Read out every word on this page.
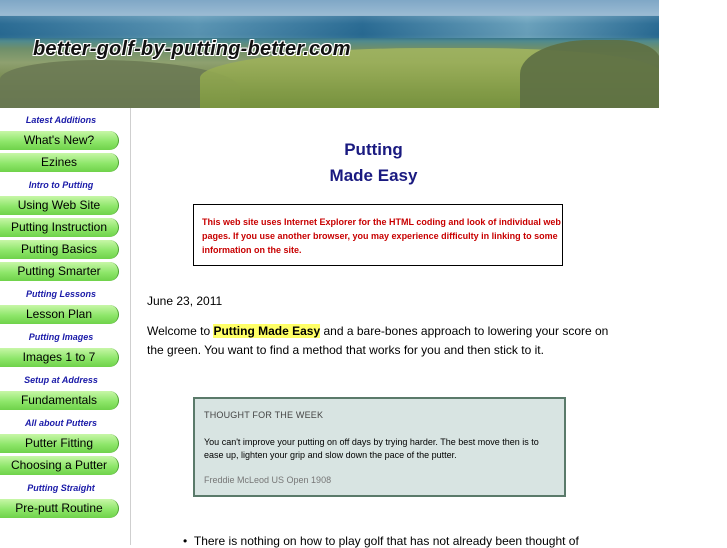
better-golf-by-putting-better.com
Latest Additions
What's New?
Ezines
Intro to Putting
Using Web Site
Putting Instruction
Putting Basics
Putting Smarter
Putting Lessons
Lesson Plan
Putting Images
Images 1 to 7
Setup at Address
Fundamentals
All about Putters
Putter Fitting
Choosing a Putter
Putting Straight
Pre-putt Routine
Putting
Made Easy

This web site uses Internet Explorer for the HTML coding and look of individual web pages. If you use another browser, you may experience difficulty in linking to some information on the site.

June 23, 2011

Welcome to Putting Made Easy and a bare-bones approach to lowering your score on the green. You want to find a method that works for you and then stick to it.

THOUGHT FOR THE WEEK
You can't improve your putting on off days by trying harder. The best move then is to ease up, lighten your grip and slow down the pace of the putter.
Freddie McLeod US Open 1908
•  There is nothing on how to play golf that has not already been thought of
